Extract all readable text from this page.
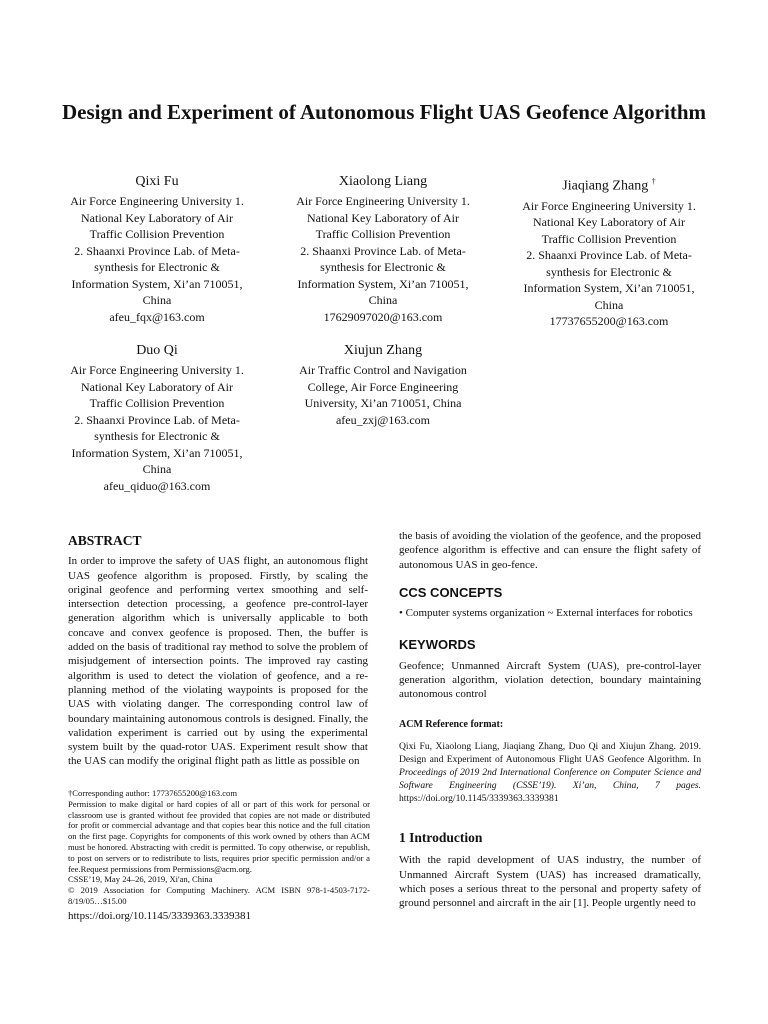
Design and Experiment of Autonomous Flight UAS Geofence Algorithm
Qixi Fu
Air Force Engineering University 1.
National Key Laboratory of Air
Traffic Collision Prevention
2. Shaanxi Province Lab. of Meta-
synthesis for Electronic &
Information System, Xi’an 710051,
China
afeu_fqx@163.com
Xiaolong Liang
Air Force Engineering University 1.
National Key Laboratory of Air
Traffic Collision Prevention
2. Shaanxi Province Lab. of Meta-
synthesis for Electronic &
Information System, Xi’an 710051,
China
17629097020@163.com
Jiaqiang Zhang †
Air Force Engineering University 1.
National Key Laboratory of Air
Traffic Collision Prevention
2. Shaanxi Province Lab. of Meta-
synthesis for Electronic &
Information System, Xi’an 710051,
China
17737655200@163.com
Duo Qi
Air Force Engineering University 1.
National Key Laboratory of Air
Traffic Collision Prevention
2. Shaanxi Province Lab. of Meta-
synthesis for Electronic &
Information System, Xi’an 710051,
China
afeu_qiduo@163.com
Xiujun Zhang
Air Traffic Control and Navigation
College, Air Force Engineering
University, Xi’an 710051, China
afeu_zxj@163.com
ABSTRACT

In order to improve the safety of UAS flight, an autonomous flight UAS geofence algorithm is proposed. Firstly, by scaling the original geofence and performing vertex smoothing and self-intersection detection processing, a geofence pre-control-layer generation algorithm which is universally applicable to both concave and convex geofence is proposed. Then, the buffer is added on the basis of traditional ray method to solve the problem of misjudgement of intersection points. The improved ray casting algorithm is used to detect the violation of geofence, and a re-planning method of the violating waypoints is proposed for the UAS with violating danger. The corresponding control law of boundary maintaining autonomous controls is designed. Finally, the validation experiment is carried out by using the experimental system built by the quad-rotor UAS. Experiment result show that the UAS can modify the original flight path as little as possible on

†Corresponding author: 17737655200@163.com

Permission to make digital or hard copies of all or part of this work for personal or classroom use is granted without fee provided that copies are not made or distributed for profit or commercial advantage and that copies bear this notice and the full citation on the first page. Copyrights for components of this work owned by others than ACM must be honored. Abstracting with credit is permitted. To copy otherwise, or republish, to post on servers or to redistribute to lists, requires prior specific permission and/or a fee.Request permissions from Permissions@acm.org.

CSSE’19, May 24–26, 2019, Xi'an, China

© 2019 Association for Computing Machinery. ACM ISBN 978-1-4503-7172-8/19/05…$15.00

https://doi.org/10.1145/3339363.3339381

the basis of avoiding the violation of the geofence, and the proposed geofence algorithm is effective and can ensure the flight safety of autonomous UAS in geo-fence.

CCS CONCEPTS

• Computer systems organization ~ External interfaces for robotics

KEYWORDS

Geofence; Unmanned Aircraft System (UAS), pre-control-layer generation algorithm, violation detection, boundary maintaining autonomous control

ACM Reference format:

Qixi Fu, Xiaolong Liang, Jiaqiang Zhang, Duo Qi and Xiujun Zhang. 2019. Design and Experiment of Autonomous Flight UAS Geofence Algorithm. In Proceedings of 2019 2nd International Conference on Computer Science and Software Engineering (CSSE’19). Xi’an, China, 7 pages. https://doi.org/10.1145/3339363.3339381

1 Introduction

With the rapid development of UAS industry, the number of Unmanned Aircraft System (UAS) has increased dramatically, which poses a serious threat to the personal and property safety of ground personnel and aircraft in the air [1]. People urgently need to
